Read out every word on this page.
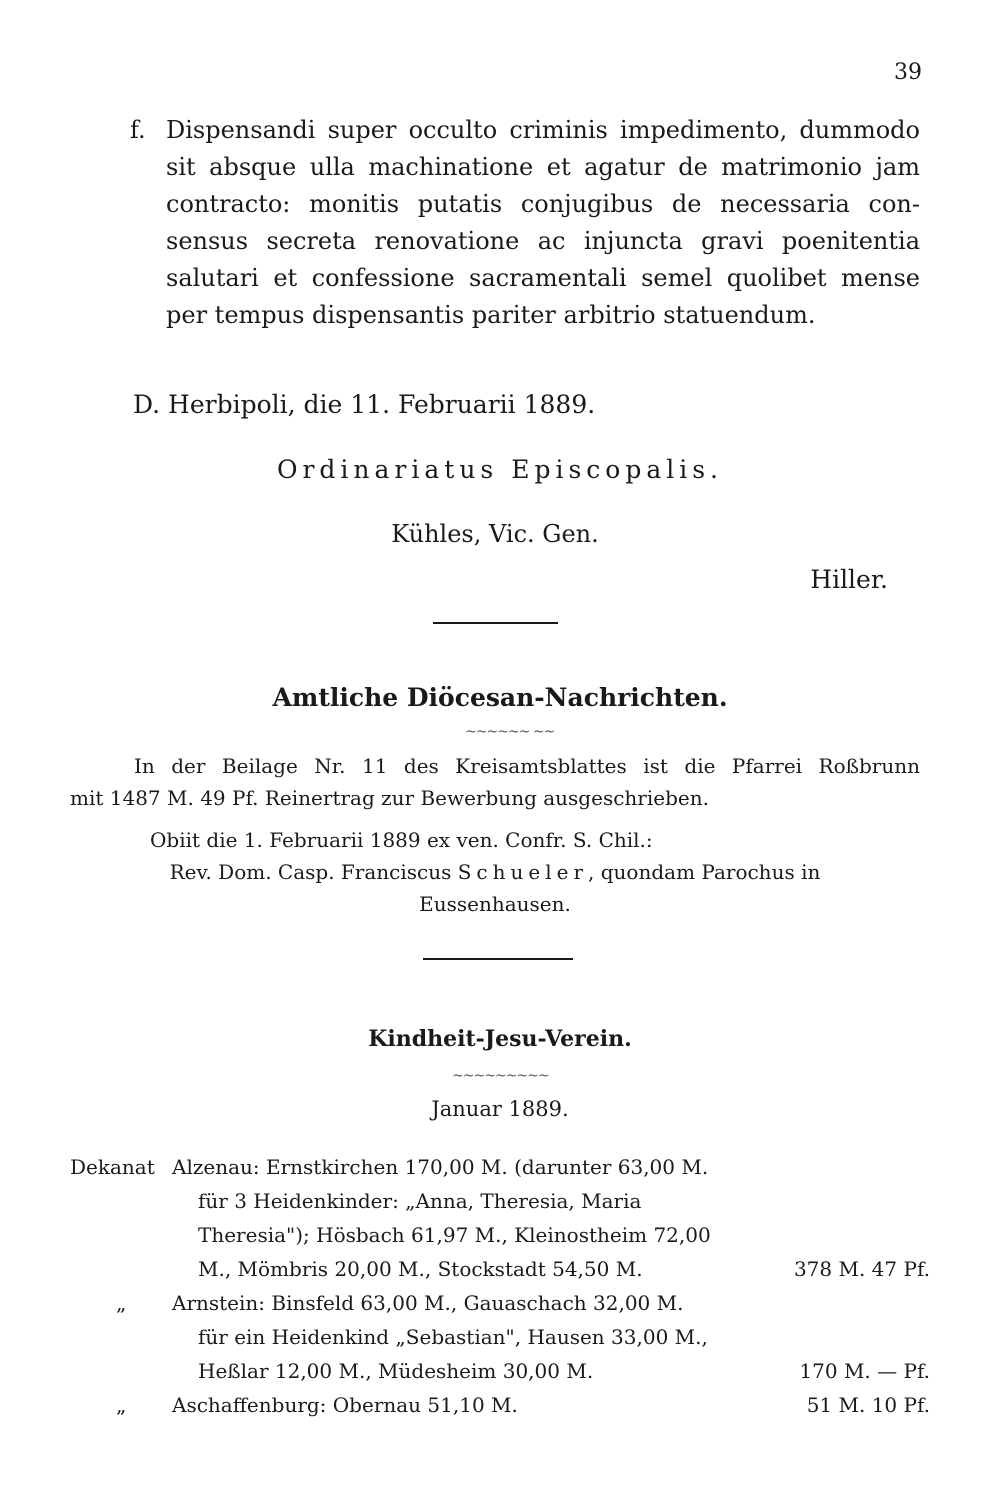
39
f. Dispensandi super occulto criminis impedimento, dummodo
sit absque ulla machinatione et agatur de matrimonio jam
contracto: monitis putatis conjugibus de necessaria con-
sensus secreta renovatione ac injuncta gravi poenitentia
salutari et confessione sacramentali semel quolibet mense
per tempus dispensantis pariter arbitrio statuendum.
D. Herbipoli, die 11. Februarii 1889.
Ordinariatus Episcopalis.
Kühles, Vic. Gen.
Hiller.
Amtliche Diöcesan-Nachrichten.
~~~~~~ ~~
In der Beilage Nr. 11 des Kreisamtsblattes ist die Pfarrei Roßbrunn
mit 1487 M. 49 Pf. Reinertrag zur Bewerbung ausgeschrieben.
Obiit die 1. Februarii 1889 ex ven. Confr. S. Chil.:
Rev. Dom. Casp. Franciscus Schueler, quondam Parochus in
Eussenhausen.
Kindheit-Jesu-Verein.
~~~~~~~~~
Januar 1889.
Dekanat Alzenau: Ernstkirchen 170,00 M. (darunter 63,00 M.
für 3 Heidenkinder: „Anna, Theresia, Maria
Theresia"); Hösbach 61,97 M., Kleinostheim 72,00
M., Mömbris 20,00 M., Stockstadt 54,50 M.	378 M. 47 Pf.
„ Arnstein: Binsfeld 63,00 M., Gauaschach 32,00 M.
für ein Heidenkind „Sebastian", Hausen 33,00 M.,
Heßlar 12,00 M., Müdesheim 30,00 M.	170 M. — Pf.
„ Aschaffenburg: Obernau 51,10 M.	51 M. 10 Pf.
